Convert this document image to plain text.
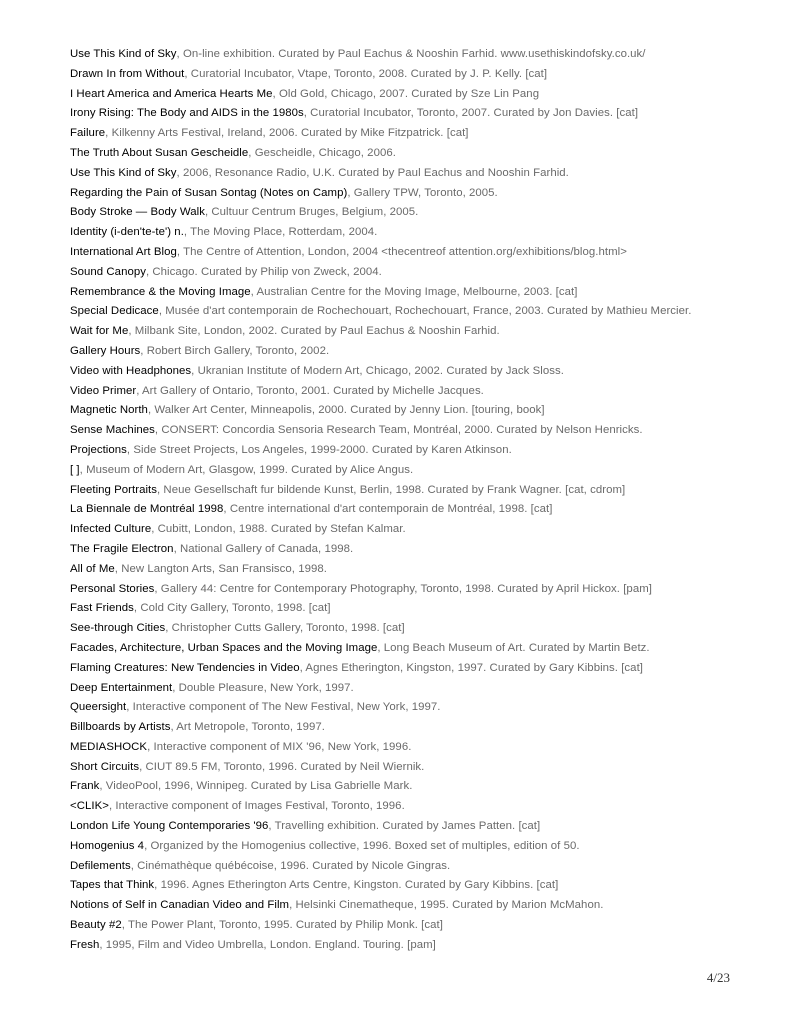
Use This Kind of Sky, On-line exhibition. Curated by Paul Eachus & Nooshin Farhid. www.usethiskindofsky.co.uk/
Drawn In from Without, Curatorial Incubator, Vtape, Toronto, 2008. Curated by J. P. Kelly. [cat]
I Heart America and America Hearts Me, Old Gold, Chicago, 2007. Curated by Sze Lin Pang
Irony Rising: The Body and AIDS in the 1980s, Curatorial Incubator, Toronto, 2007. Curated by Jon Davies. [cat]
Failure, Kilkenny Arts Festival, Ireland, 2006. Curated by Mike Fitzpatrick. [cat]
The Truth About Susan Gescheidle, Gescheidle, Chicago, 2006.
Use This Kind of Sky, 2006, Resonance Radio, U.K. Curated by Paul Eachus and Nooshin Farhid.
Regarding the Pain of Susan Sontag (Notes on Camp), Gallery TPW, Toronto, 2005.
Body Stroke — Body Walk, Cultuur Centrum Bruges, Belgium, 2005.
Identity (i-den'te-te') n., The Moving Place, Rotterdam, 2004.
International Art Blog, The Centre of Attention, London, 2004 <thecentreof attention.org/exhibitions/blog.html>
Sound Canopy, Chicago. Curated by Philip von Zweck, 2004.
Remembrance & the Moving Image, Australian Centre for the Moving Image, Melbourne, 2003. [cat]
Special Dedicace, Musée d'art contemporain de Rochechouart, Rochechouart, France, 2003. Curated by Mathieu Mercier.
Wait for Me, Milbank Site, London, 2002. Curated by Paul Eachus & Nooshin Farhid.
Gallery Hours, Robert Birch Gallery, Toronto, 2002.
Video with Headphones, Ukranian Institute of Modern Art, Chicago, 2002. Curated by Jack Sloss.
Video Primer, Art Gallery of Ontario, Toronto, 2001. Curated by Michelle Jacques.
Magnetic North, Walker Art Center, Minneapolis, 2000. Curated by Jenny Lion. [touring, book]
Sense Machines, CONSERT: Concordia Sensoria Research Team, Montréal, 2000. Curated by Nelson Henricks.
Projections, Side Street Projects, Los Angeles, 1999-2000. Curated by Karen Atkinson.
[ ], Museum of Modern Art, Glasgow, 1999. Curated by Alice Angus.
Fleeting Portraits, Neue Gesellschaft fur bildende Kunst, Berlin, 1998. Curated by Frank Wagner. [cat, cdrom]
La Biennale de Montréal 1998, Centre international d'art contemporain de Montréal, 1998. [cat]
Infected Culture, Cubitt, London, 1988. Curated by Stefan Kalmar.
The Fragile Electron, National Gallery of Canada, 1998.
All of Me, New Langton Arts, San Fransisco, 1998.
Personal Stories, Gallery 44: Centre for Contemporary Photography, Toronto, 1998. Curated by April Hickox. [pam]
Fast Friends, Cold City Gallery, Toronto, 1998. [cat]
See-through Cities, Christopher Cutts Gallery, Toronto, 1998. [cat]
Facades, Architecture, Urban Spaces and the Moving Image, Long Beach Museum of Art. Curated by Martin Betz.
Flaming Creatures: New Tendencies in Video, Agnes Etherington, Kingston, 1997. Curated by Gary Kibbins. [cat]
Deep Entertainment, Double Pleasure, New York, 1997.
Queersight, Interactive component of The New Festival, New York, 1997.
Billboards by Artists, Art Metropole, Toronto, 1997.
MEDIASHOCK, Interactive component of MIX '96, New York, 1996.
Short Circuits, CIUT 89.5 FM, Toronto, 1996. Curated by Neil Wiernik.
Frank, VideoPool, 1996, Winnipeg. Curated by Lisa Gabrielle Mark.
<CLIK>, Interactive component of Images Festival, Toronto, 1996.
London Life Young Contemporaries '96, Travelling exhibition. Curated by James Patten. [cat]
Homogenius 4, Organized by the Homogenius collective, 1996. Boxed set of multiples, edition of 50.
Defilements, Cinémathèque québécoise, 1996. Curated by Nicole Gingras.
Tapes that Think, 1996. Agnes Etherington Arts Centre, Kingston. Curated by Gary Kibbins. [cat]
Notions of Self in Canadian Video and Film, Helsinki Cinematheque, 1995. Curated by Marion McMahon.
Beauty #2, The Power Plant, Toronto, 1995. Curated by Philip Monk. [cat]
Fresh, 1995, Film and Video Umbrella, London. England. Touring. [pam]
4/23
